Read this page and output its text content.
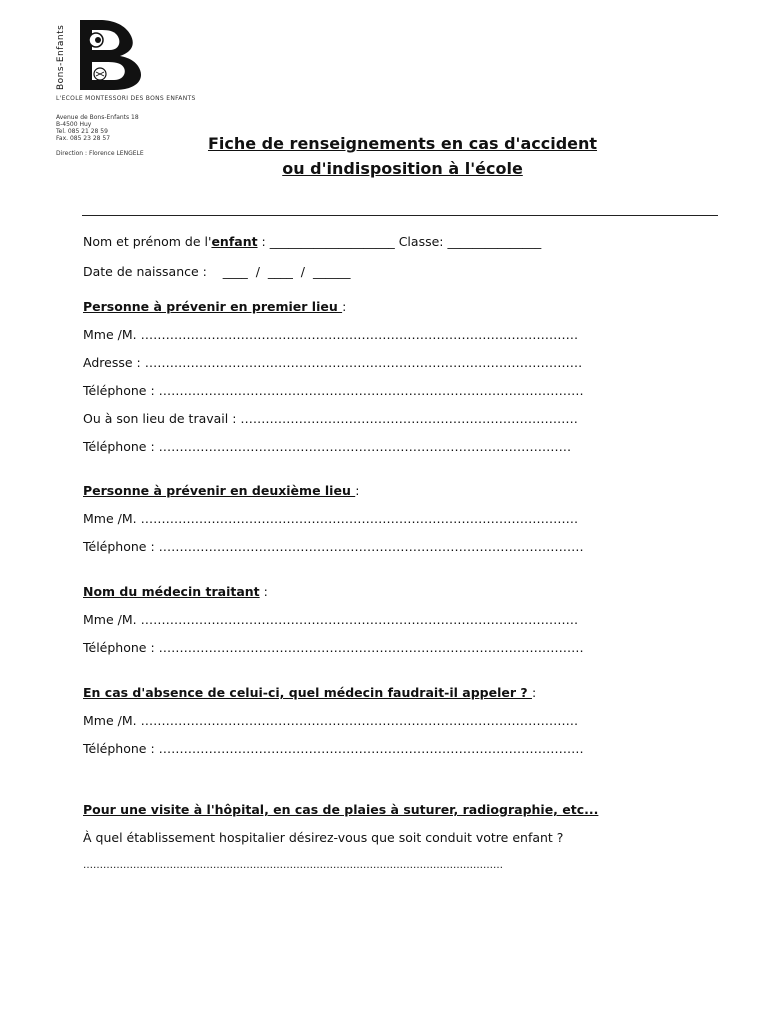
Bons-Enfants
L'ECOLE MONTESSORI DES BONS ENFANTS
Avenue de Bons-Enfants 18
B-4500 Huy
Tel. 085 21 28 59
Fax. 085 23 28 57
Direction : Florence LENGELE
Fiche de renseignements en cas d'accident
ou d'indisposition à l'école
Nom et prénom de l'enfant : ____________________ Classe: _______________
Date de naissance :    ____  /  ____  /  ______
Personne à prévenir en premier lieu :
Mme /M. ……………………………………………………………………………………………
Adresse : ……………………………………………………………………………………………
Téléphone : …………………………………………………………………………………………
Ou à son lieu de travail : ………………………………………………………………………
Téléphone : ………………………………………………………………………………………
Personne à prévenir en deuxième lieu :
Mme /M. ……………………………………………………………………………………………
Téléphone : …………………………………………………………………………………………
Nom du médecin traitant :
Mme /M. ……………………………………………………………………………………………
Téléphone : …………………………………………………………………………………………
En cas d'absence de celui-ci, quel médecin faudrait-il appeler ? :
Mme /M. ……………………………………………………………………………………………
Téléphone : …………………………………………………………………………………………
Pour une visite à l'hôpital, en cas de plaies à suturer, radiographie, etc...
À quel établissement hospitalier désirez-vous que soit conduit votre enfant ?
………………………………………………………………………………………………………………
